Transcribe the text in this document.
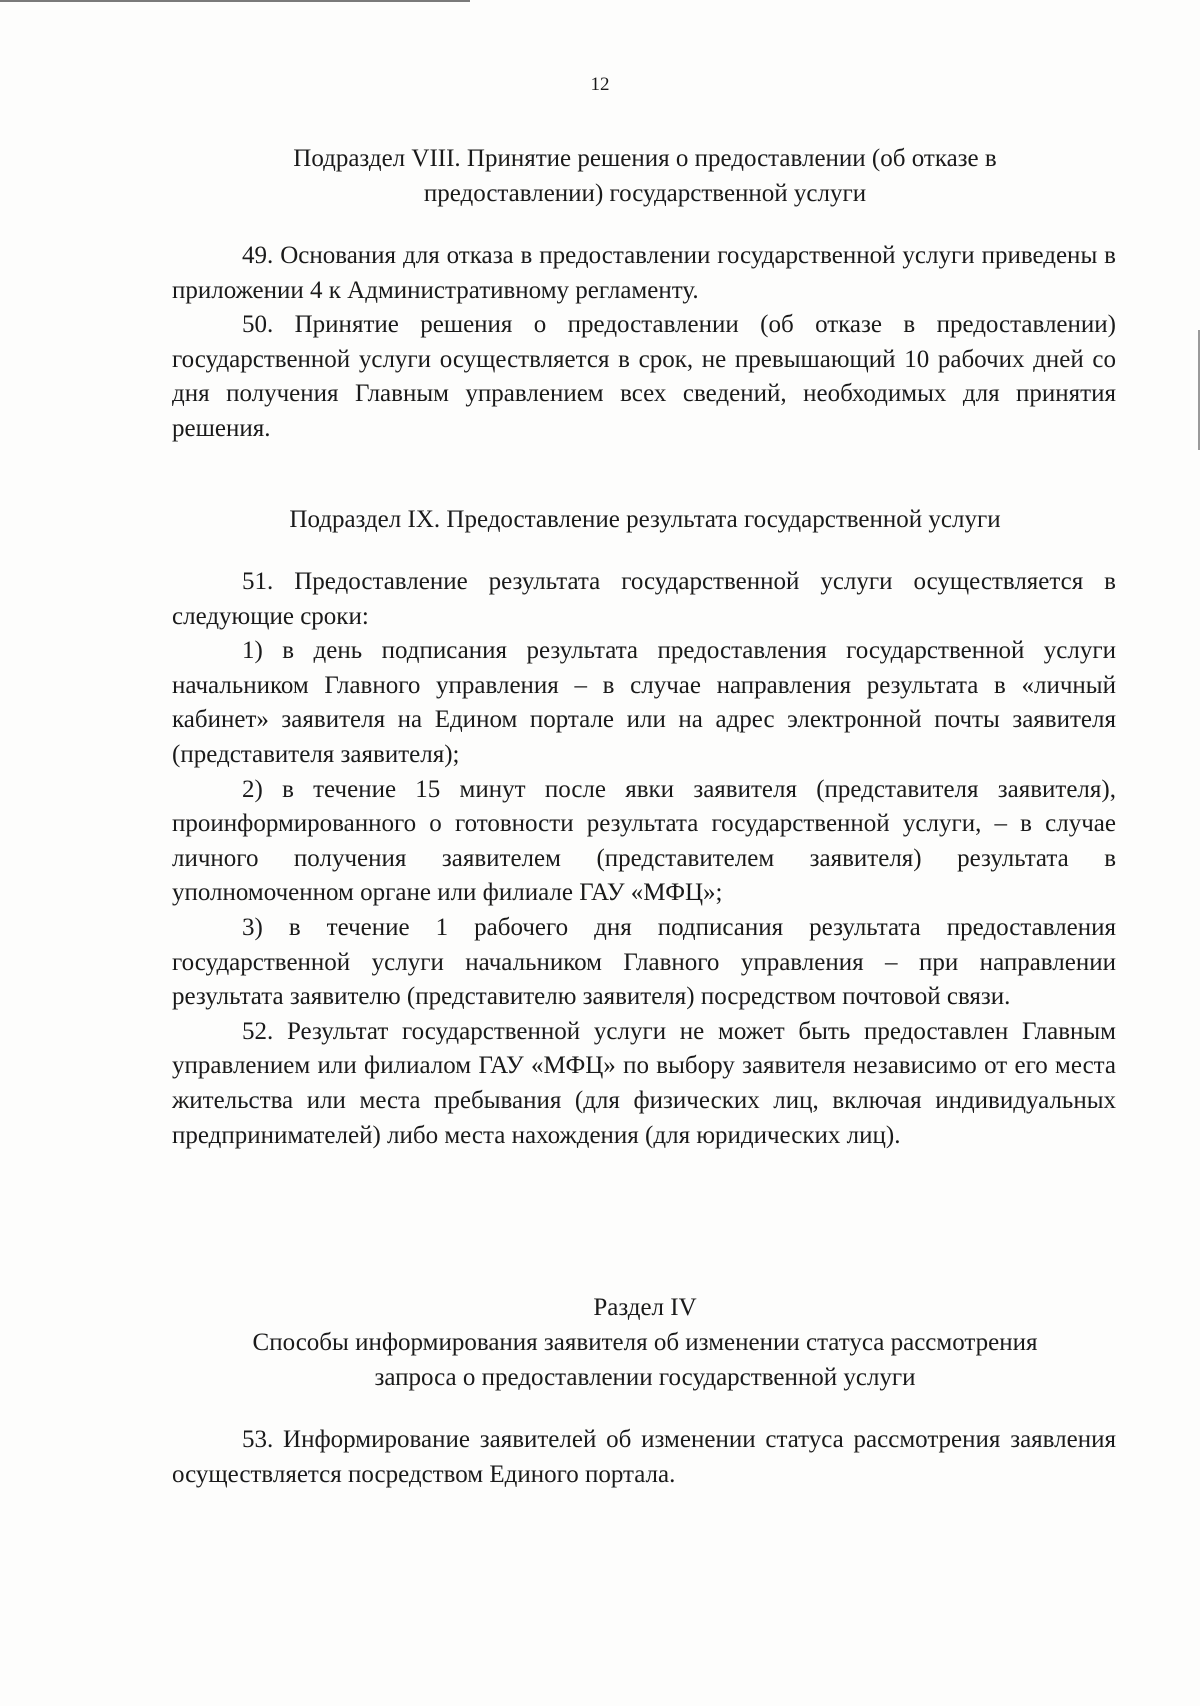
12
Подраздел VIII. Принятие решения о предоставлении (об отказе в
предоставлении) государственной услуги

49. Основания для отказа в предоставлении государственной услуги приведены в приложении 4 к Административному регламенту.

50. Принятие решения о предоставлении (об отказе в предоставлении) государственной услуги осуществляется в срок, не превышающий 10 рабочих дней со дня получения Главным управлением всех сведений, необходимых для принятия решения.

Подраздел IX. Предоставление результата государственной услуги

51. Предоставление результата государственной услуги осуществляется в следующие сроки:

1) в день подписания результата предоставления государственной услуги начальником Главного управления – в случае направления результата в «личный кабинет» заявителя на Едином портале или на адрес электронной почты заявителя (представителя заявителя);

2) в течение 15 минут после явки заявителя (представителя заявителя), проинформированного о готовности результата государственной услуги, – в случае личного получения заявителем (представителем заявителя) результата в уполномоченном органе или филиале ГАУ «МФЦ»;

3) в течение 1 рабочего дня подписания результата предоставления государственной услуги начальником Главного управления – при направлении результата заявителю (представителю заявителя) посредством почтовой связи.

52. Результат государственной услуги не может быть предоставлен Главным управлением или филиалом ГАУ «МФЦ» по выбору заявителя независимо от его места жительства или места пребывания (для физических лиц, включая индивидуальных предпринимателей) либо места нахождения (для юридических лиц).

Раздел IV
Способы информирования заявителя об изменении статуса рассмотрения
запроса о предоставлении государственной услуги

53. Информирование заявителей об изменении статуса рассмотрения заявления осуществляется посредством Единого портала.
